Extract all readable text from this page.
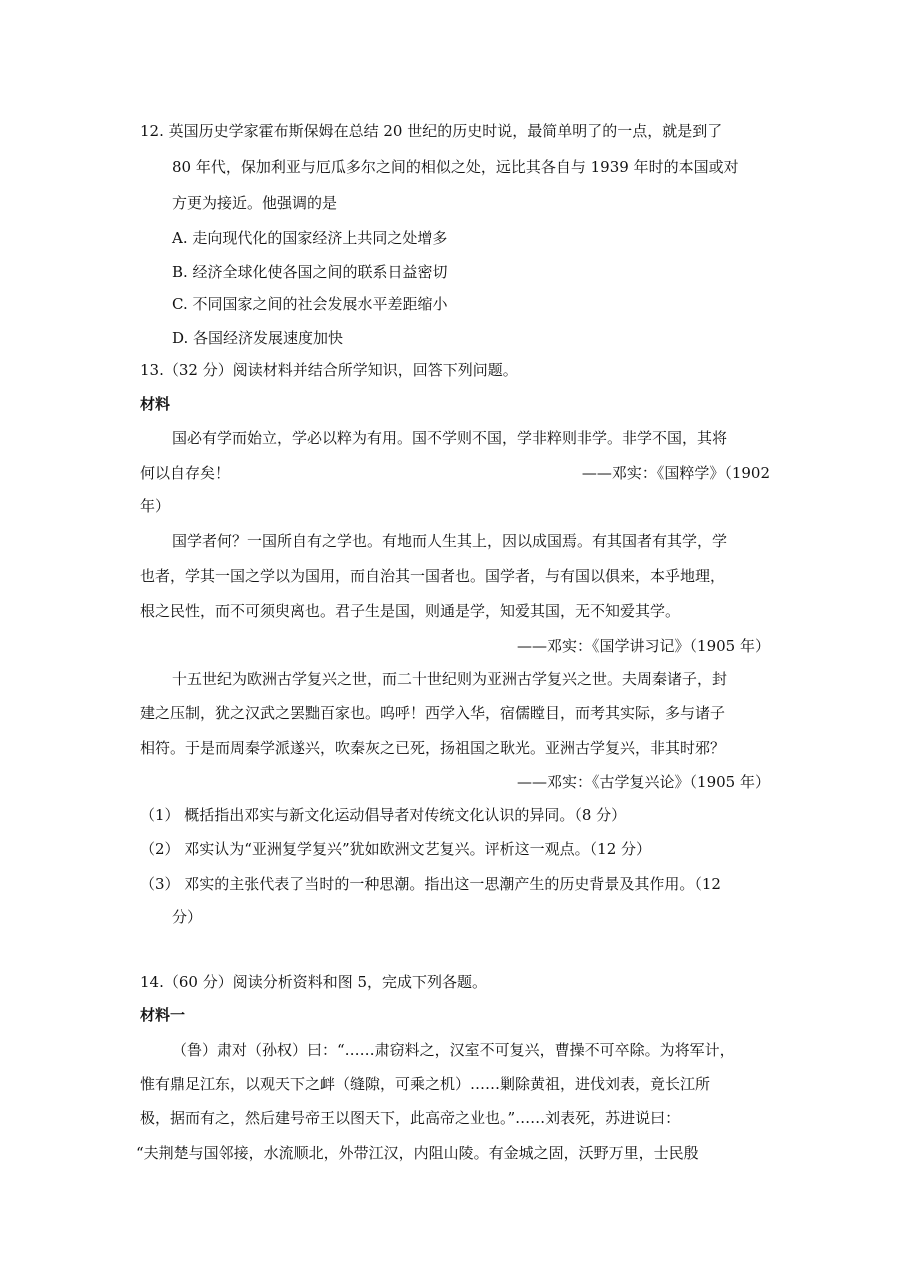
12. 英国历史学家霍布斯保姆在总结 20 世纪的历史时说，最简单明了的一点，就是到了
80 年代，保加利亚与厄瓜多尔之间的相似之处，远比其各自与 1939 年时的本国或对
方更为接近。他强调的是
A. 走向现代化的国家经济上共同之处增多
B. 经济全球化使各国之间的联系日益密切
C. 不同国家之间的社会发展水平差距缩小
D. 各国经济发展速度加快
13.（32 分）阅读材料并结合所学知识，回答下列问题。
材料
国必有学而始立，学必以粹为有用。国不学则不国，学非粹则非学。非学不国，其将
何以自存矣！	——邓实：《国粹学》（1902
年）
国学者何？一国所自有之学也。有地而人生其上，因以成国焉。有其国者有其学，学
也者，学其一国之学以为国用，而自治其一国者也。国学者，与有国以俱来，本乎地理，
根之民性，而不可须臾离也。君子生是国，则通是学，知爱其国，无不知爱其学。
——邓实：《国学讲习记》（1905 年）
十五世纪为欧洲古学复兴之世，而二十世纪则为亚洲古学复兴之世。夫周秦诸子，封
建之压制，犹之汉武之罢黜百家也。呜呼！西学入华，宿儒瞠目，而考其实际，多与诸子
相符。于是而周秦学派遂兴，吹秦灰之已死，扬祖国之耿光。亚洲古学复兴，非其时邪？
——邓实：《古学复兴论》（1905 年）
（1） 概括指出邓实与新文化运动倡导者对传统文化认识的异同。（8 分）
（2） 邓实认为“亚洲复学复兴”犹如欧洲文艺复兴。评析这一观点。（12 分）
（3） 邓实的主张代表了当时的一种思潮。指出这一思潮产生的历史背景及其作用。（12
分）
14.（60 分）阅读分析资料和图 5，完成下列各题。
材料一
（鲁）肃对（孙权）曰：“……肃窃料之，汉室不可复兴，曹操不可卒除。为将军计，
惟有鼎足江东，以观天下之衅（缝隙，可乘之机）……剿除黄祖，进伐刘表，竟长江所
极，据而有之，然后建号帝王以图天下，此高帝之业也。”……刘表死，苏进说曰：
“夫荆楚与国邻接，水流顺北，外带江汉，内阻山陵。有金城之固，沃野万里，士民殷
